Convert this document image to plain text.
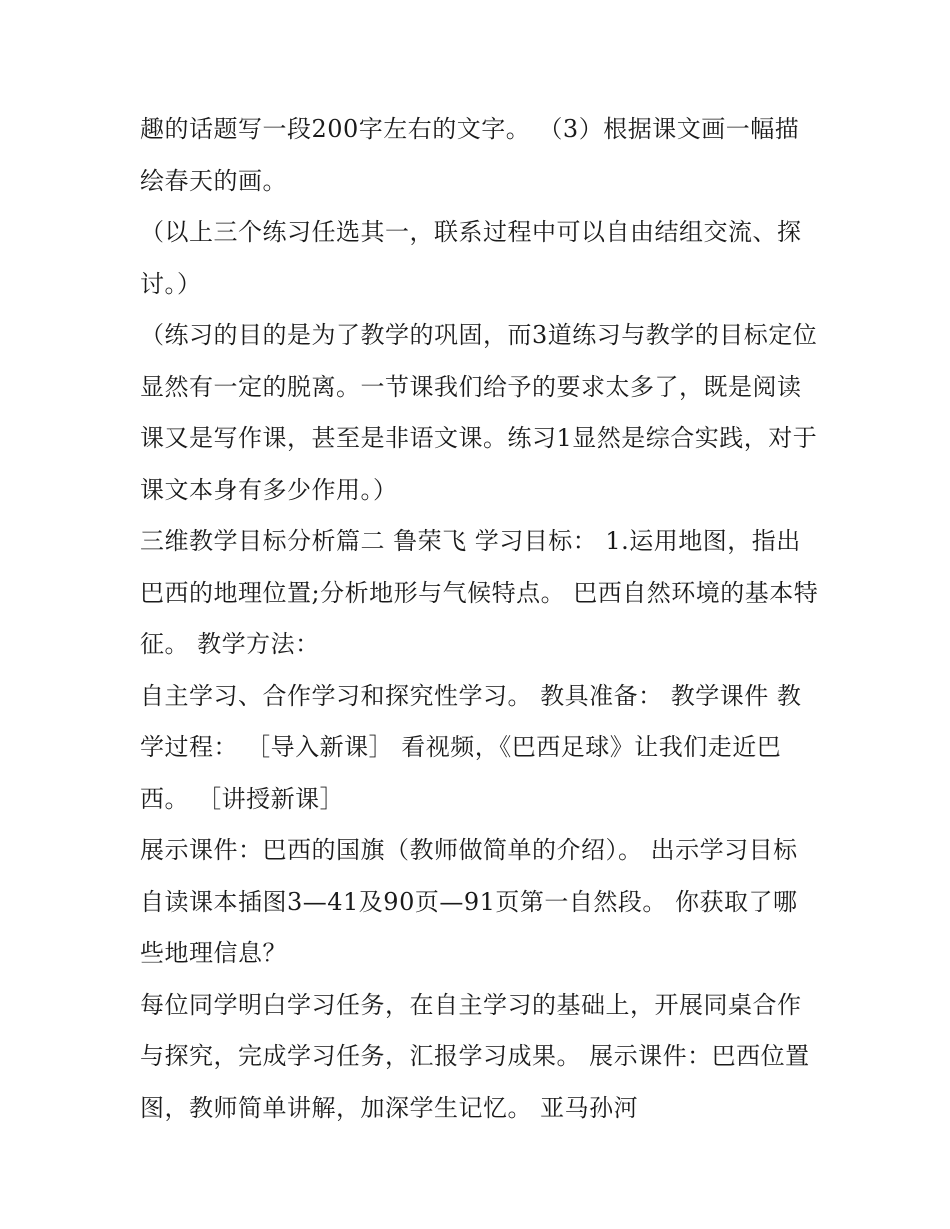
趣的话题写一段200字左右的文字。 （3）根据课文画一幅描绘春天的画。

（以上三个练习任选其一，联系过程中可以自由结组交流、探讨。）

（练习的目的是为了教学的巩固，而3道练习与教学的目标定位显然有一定的脱离。一节课我们给予的要求太多了，既是阅读课又是写作课，甚至是非语文课。练习1显然是综合实践，对于课文本身有多少作用。）

三维教学目标分析篇二 鲁荣飞 学习目标： 1.运用地图，指出巴西的地理位置;分析地形与气候特点。 巴西自然环境的基本特征。 教学方法：

自主学习、合作学习和探究性学习。 教具准备： 教学课件 教学过程： ［导入新课］ 看视频，《巴西足球》让我们走近巴西。 ［讲授新课］

展示课件：巴西的国旗（教师做简单的介绍）。 出示学习目标 自读课本插图3—41及90页—91页第一自然段。 你获取了哪些地理信息？

每位同学明白学习任务，在自主学习的基础上，开展同桌合作与探究，完成学习任务，汇报学习成果。 展示课件：巴西位置图，教师简单讲解，加深学生记忆。 亚马孙河
